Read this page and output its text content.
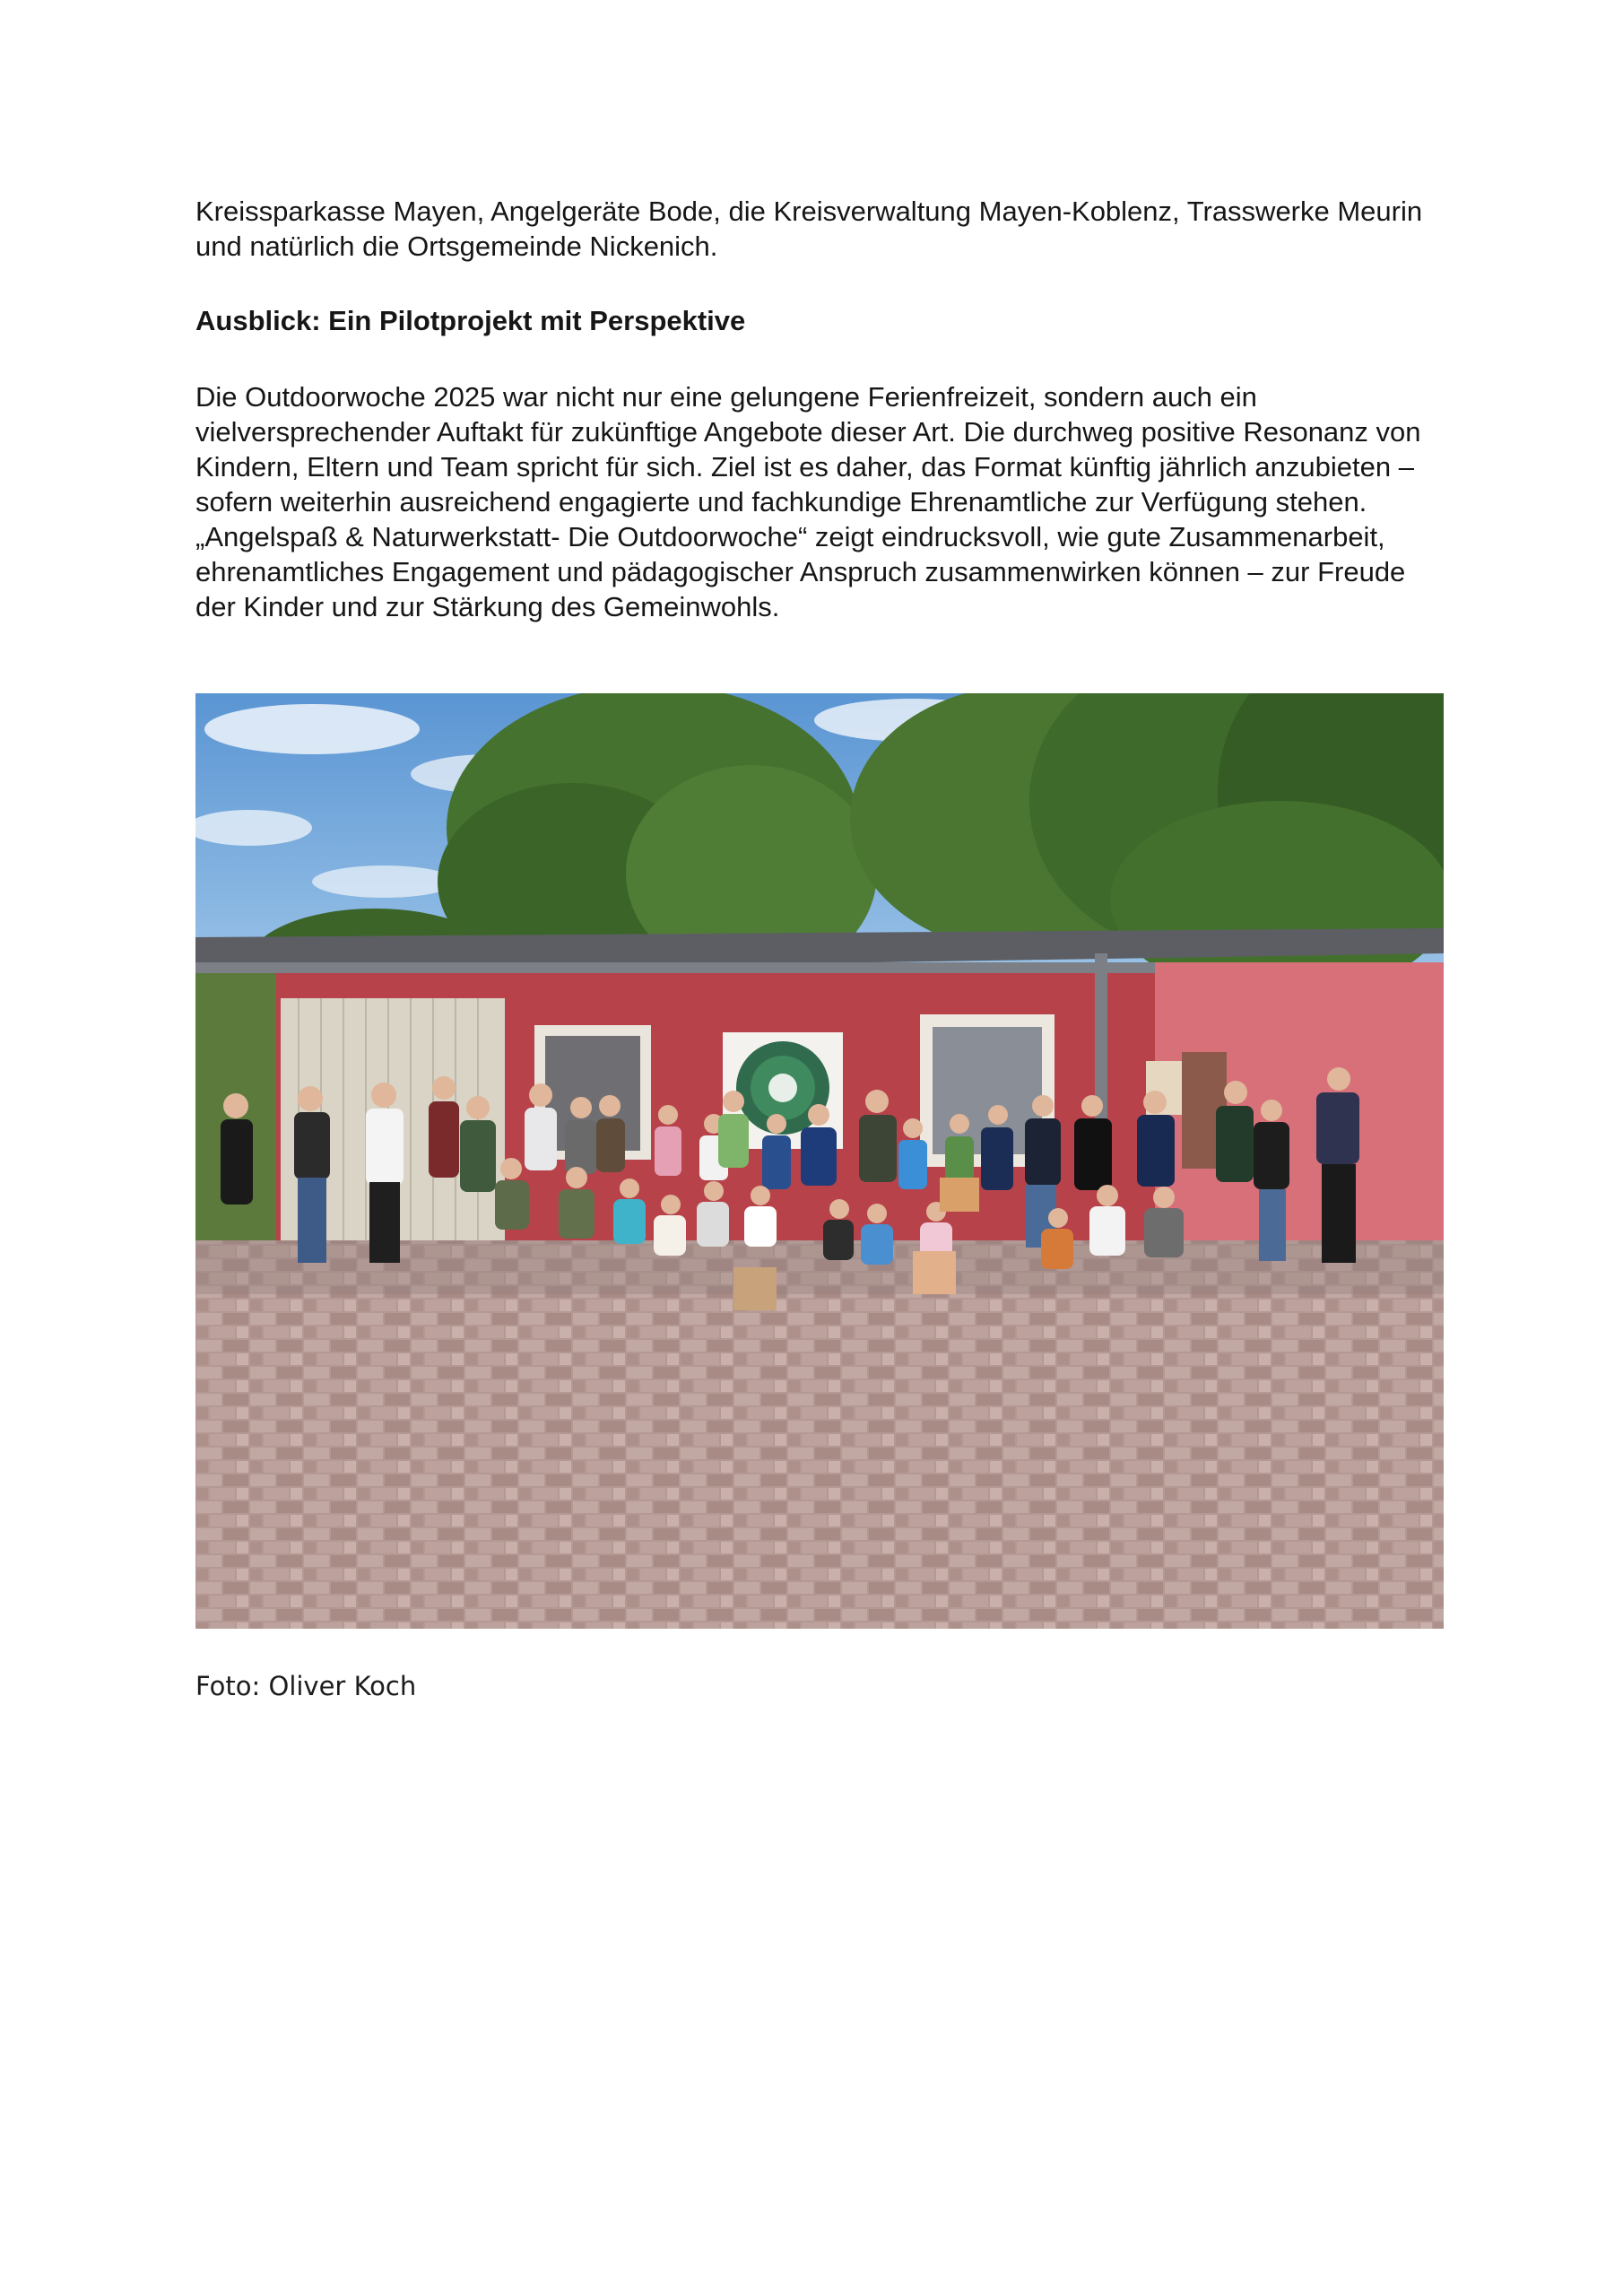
Kreissparkasse Mayen, Angelgeräte Bode, die Kreisverwaltung Mayen-Koblenz, Trasswerke Meurin und natürlich die Ortsgemeinde Nickenich.

Ausblick: Ein Pilotprojekt mit Perspektive

Die Outdoorwoche 2025 war nicht nur eine gelungene Ferienfreizeit, sondern auch ein vielversprechender Auftakt für zukünftige Angebote dieser Art. Die durchweg positive Resonanz von Kindern, Eltern und Team spricht für sich. Ziel ist es daher, das Format künftig jährlich anzubieten – sofern weiterhin ausreichend engagierte und fachkundige Ehrenamtliche zur Verfügung stehen. „Angelspaß & Naturwerkstatt- Die Outdoorwoche“ zeigt eindrucksvoll, wie gute Zusammenarbeit, ehrenamtliches Engagement und pädagogischer Anspruch zusammenwirken können – zur Freude der Kinder und zur Stärkung des Gemeinwohls.

Foto: Oliver Koch
